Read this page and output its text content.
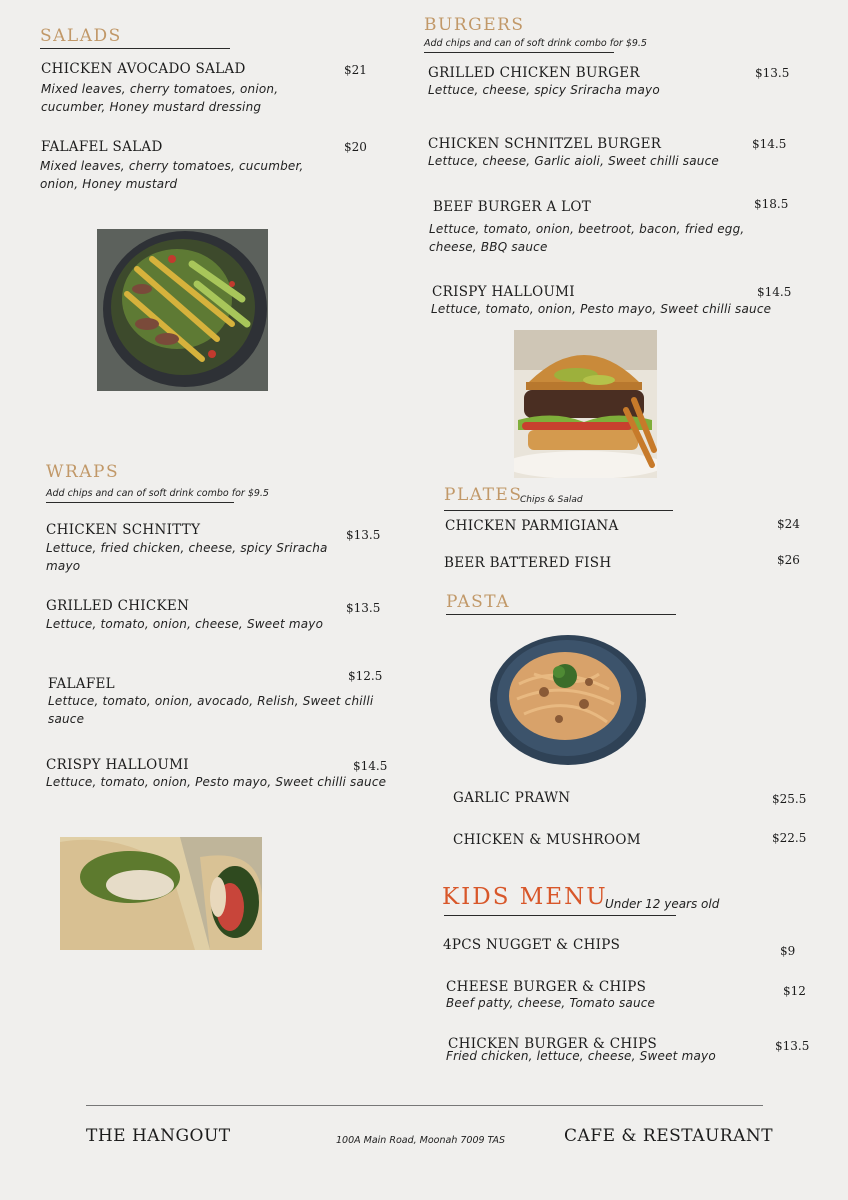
SALADS
CHICKEN AVOCADO SALAD	$21
Mixed leaves, cherry tomatoes, onion, cucumber, Honey mustard dressing
FALAFEL SALAD	$20
Mixed leaves, cherry tomatoes, cucumber, onion, Honey mustard
BURGERS
Add chips and can of soft drink combo for $9.5
GRILLED CHICKEN BURGER	$13.5
Lettuce, cheese, spicy Sriracha mayo
CHICKEN SCHNITZEL BURGER	$14.5
Lettuce, cheese, Garlic aioli, Sweet chilli sauce
BEEF BURGER A LOT	$18.5
Lettuce, tomato, onion, beetroot, bacon, fried egg, cheese, BBQ sauce
CRISPY HALLOUMI	$14.5
Lettuce, tomato, onion, Pesto mayo, Sweet chilli sauce
WRAPS
Add chips and can of soft drink combo for $9.5
CHICKEN SCHNITTY	$13.5
Lettuce, fried chicken, cheese, spicy Sriracha mayo
GRILLED CHICKEN	$13.5
Lettuce, tomato, onion, cheese, Sweet mayo
FALAFEL	$12.5
Lettuce, tomato, onion, avocado, Relish, Sweet chilli sauce
CRISPY HALLOUMI	$14.5
Lettuce, tomato, onion, Pesto mayo, Sweet chilli sauce
PLATES
Chips & Salad
CHICKEN PARMIGIANA	$24
BEER BATTERED FISH	$26
PASTA
GARLIC PRAWN	$25.5
CHICKEN & MUSHROOM	$22.5
KIDS MENU
Under 12 years old
4PCS NUGGET & CHIPS	$9
CHEESE BURGER & CHIPS	$12
Beef patty, cheese, Tomato sauce
CHICKEN BURGER & CHIPS	$13.5
Fried chicken, lettuce, cheese, Sweet mayo
THE HANGOUT	100A Main Road, Moonah 7009 TAS	CAFE & RESTAURANT
